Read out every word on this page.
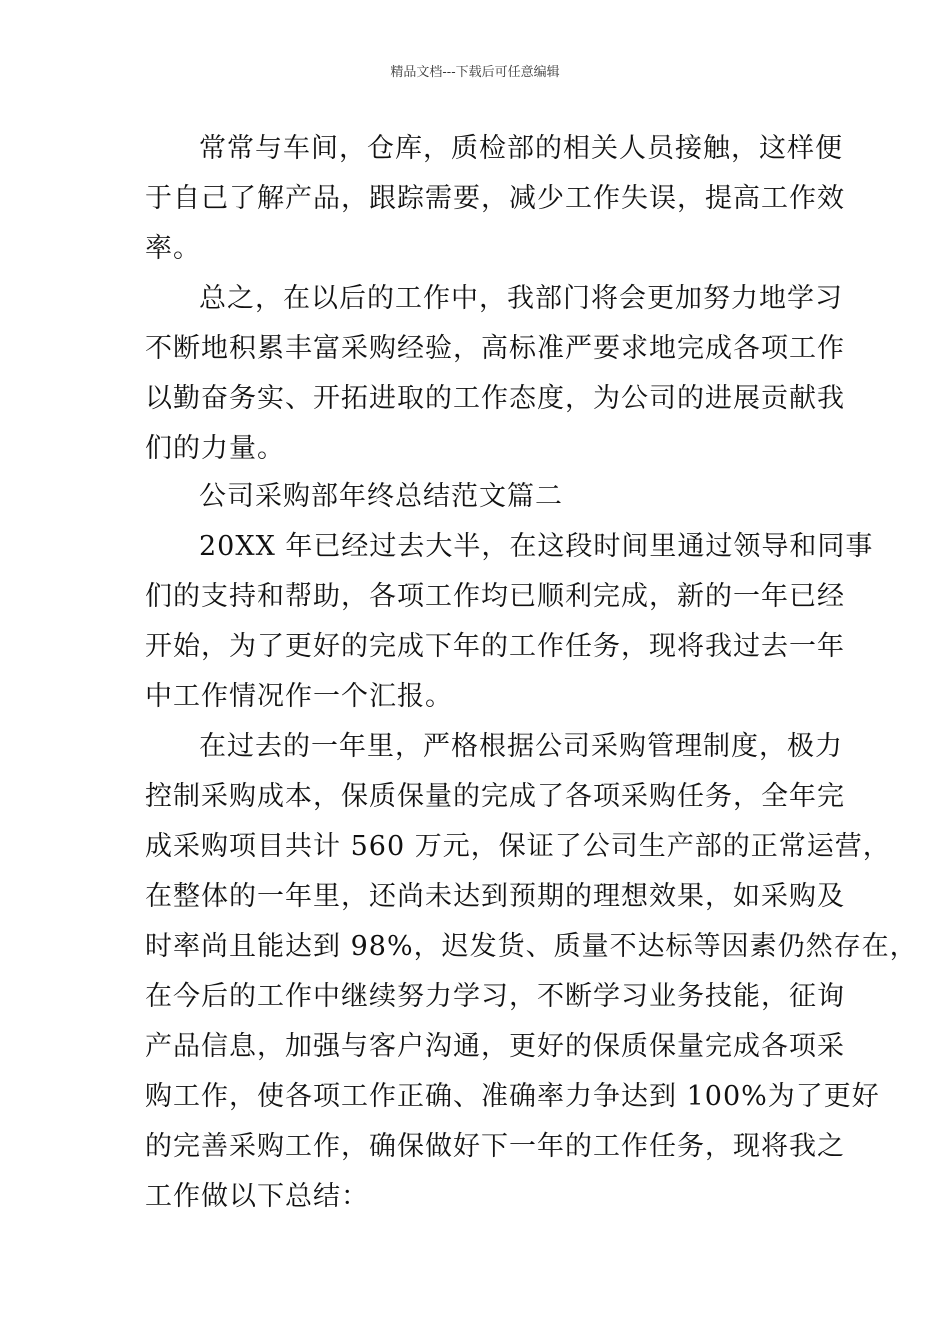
精品文档---下载后可任意编辑
常常与车间，仓库，质检部的相关人员接触，这样便
于自己了解产品，跟踪需要，减少工作失误，提高工作效
率。
总之，在以后的工作中，我部门将会更加努力地学习
不断地积累丰富采购经验，高标准严要求地完成各项工作
以勤奋务实、开拓进取的工作态度，为公司的进展贡献我
们的力量。
公司采购部年终总结范文篇二
20XX 年已经过去大半，在这段时间里通过领导和同事
们的支持和帮助，各项工作均已顺利完成，新的一年已经
开始，为了更好的完成下年的工作任务，现将我过去一年
中工作情况作一个汇报。
在过去的一年里，严格根据公司采购管理制度，极力
控制采购成本，保质保量的完成了各项采购任务，全年完
成采购项目共计 560 万元，保证了公司生产部的正常运营，
在整体的一年里，还尚未达到预期的理想效果，如采购及
时率尚且能达到 98%，迟发货、质量不达标等因素仍然存在，
在今后的工作中继续努力学习，不断学习业务技能，征询
产品信息，加强与客户沟通，更好的保质保量完成各项采
购工作，使各项工作正确、准确率力争达到 100%为了更好
的完善采购工作，确保做好下一年的工作任务，现将我之
工作做以下总结：
